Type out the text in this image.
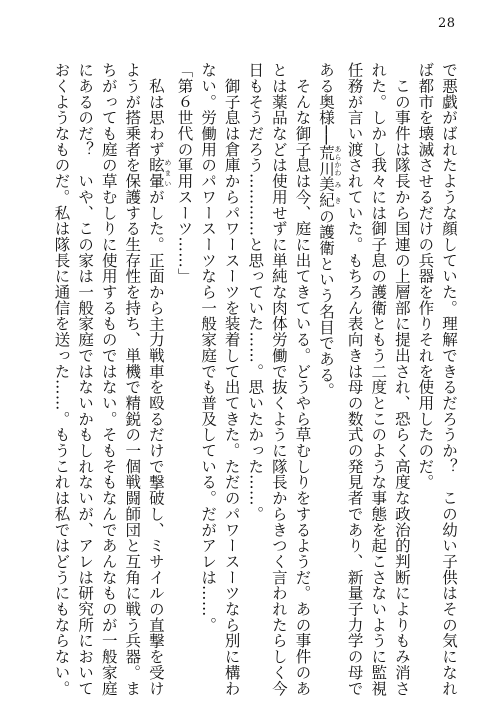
28
で悪戯がばれたような顔していた。理解できるだろうか？　この幼い子供はその気になれ
ば都市を壊滅させるだけの兵器を作りそれを使用したのだ。
　この事件は隊長から国連の上層部に提出され、恐らく高度な政治的判断によりもみ消さ
れた。しかし我々には御子息の護衛ともう二度とこのような事態を起こさないように監視
任務が言い渡されていた。もちろん表向きは母の数式の発見者であり、新量子力学の母で
ある奥様──荒川 あらかわ美紀 みきの護衛という名目である。
　そんな御子息は今、庭に出てきている。どうやら草むしりをするようだ。あの事件のあ
とは薬品などは使用せずに単純な肉体労働で抜くように隊長からきつく言われたらしく今
日もそうだろう…………と思っていた……。思いたかった……。
　御子息は倉庫からパワースーツを装着して出てきた。ただのパワースーツなら別に構わ
ない。労働用のパワースーツなら一般家庭でも普及している。だがアレは……。
「第６世代の軍用スーツ……」
　私は思わず眩暈 めまいがした。正面から主力戦車を殴るだけで撃破し、ミサイルの直撃を受け
ようが搭乗者を保護する生存性を持ち、単機で精鋭の一個戦闘師団と互角に戦う兵器。ま
ちがっても庭の草むしりに使用するものではない。そもそもなんであんなものが一般家庭
にあるのだ？　いや、この家は一般家庭ではないかもしれないが、アレは研究所において
おくようなものだ。私は隊長に通信を送った……。もうこれは私ではどうにもならない。
